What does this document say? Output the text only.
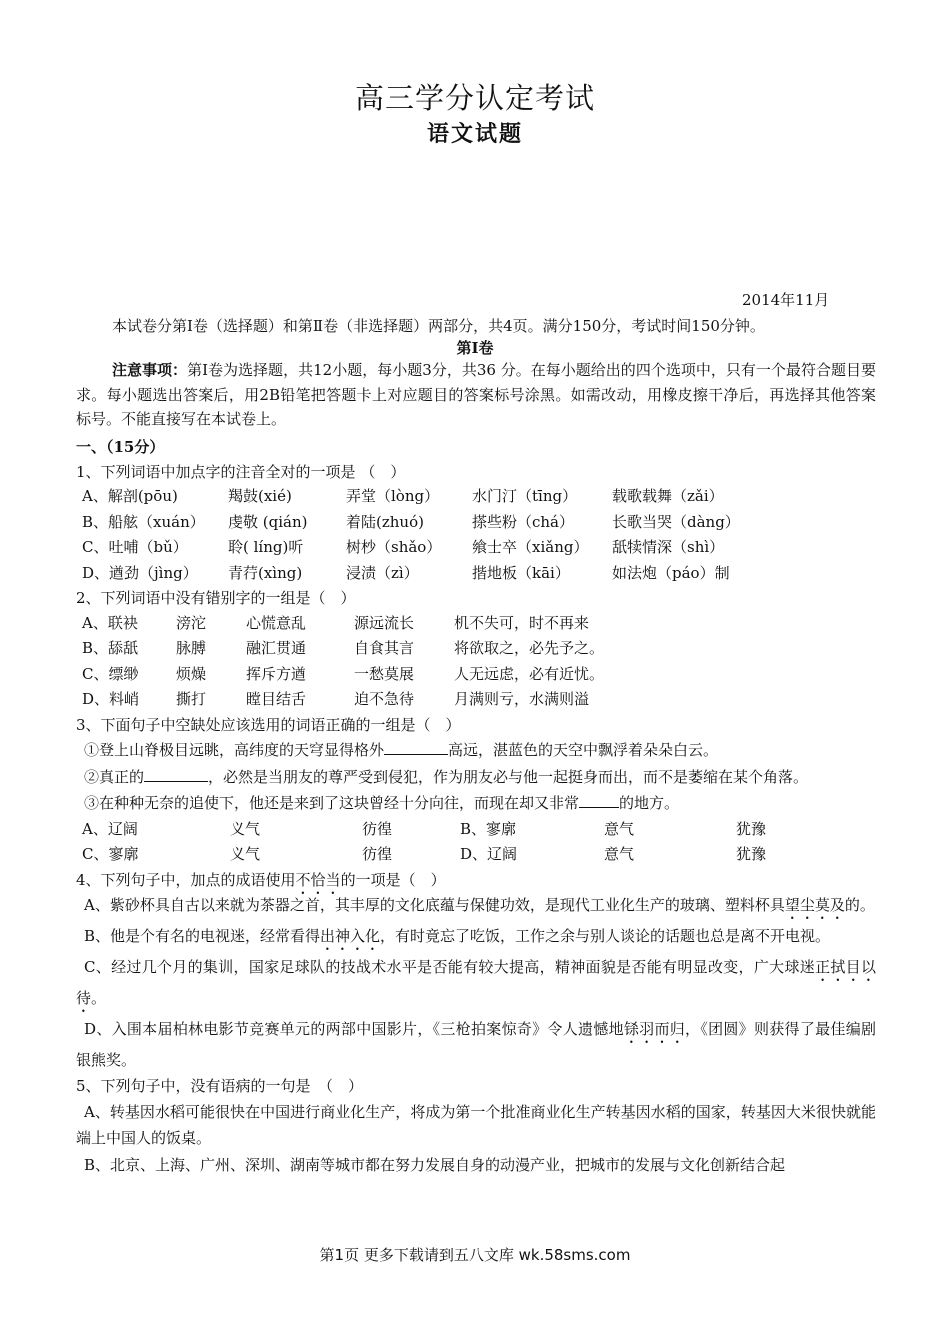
高三学分认定考试
语文试题
2014年11月
本试卷分第Ⅰ卷（选择题）和第Ⅱ卷（非选择题）两部分，共4页。满分150分，考试时间150分钟。
第Ⅰ卷
注意事项：第Ⅰ卷为选择题，共12小题，每小题3分，共36 分。在每小题给出的四个选项中，只有一个最符合题目要求。每小题选出答案后，用2B铅笔把答题卡上对应题目的答案标号涂黑。如需改动，用橡皮擦干净后，再选择其他答案标号。不能直接写在本试卷上。
一、（15分）
1、下列词语中加点字的注音全对的一项是 （　）
A、解剖(pōu)	羯鼓(xié)	弄堂（lòng） 水门汀（tīng） 载歌载舞（zǎi）
B、船舷（xuán） 虔敬 (qián)	着陆(zhuó)	搽些粉（chá）	长歌当哭（dàng）
C、吐哺（bǔ）	聆( líng)听	树杪（shǎo） 飨士卒（xiǎng） 舐犊情深（shì）
D、遒劲（jìng） 青荇(xìng)	浸渍（zì）	揩地板（kāi）	如法炮（páo）制
2、下列词语中没有错别字的一组是（　）
A、联袂	滂沱	心慌意乱	源远流长	机不失可，时不再来
B、舔舐	脉膊	融汇贯通	自食其言	将欲取之，必先予之。
C、缥缈	烦燥	挥斥方遒	一愁莫展	人无远虑，必有近忧。
D、料峭 撕打	瞠目结舌	迫不急待	月满则亏，水满则溢
3、下面句子中空缺处应该选用的词语正确的一组是（　）

①登上山脊极目远眺，高纬度的天穹显得格外	高远，湛蓝色的天空中飘浮着朵朵白云。

②真正的	，必然是当朋友的尊严受到侵犯，作为朋友必与他一起挺身而出，而不是萎缩在某个角落。

③在种种无奈的追使下，他还是来到了这块曾经十分向往，而现在却又非常	的地方。

A、辽阔	义气	彷徨	B、寥廓	意气	犹豫
C、寥廓	义气	彷徨	D、辽阔	意气	犹豫
4、下列句子中，加点的成语使用不恰当的一项是（　）

A、紫砂杯具自古以来就为茶器之首，其丰厚的文化底蕴与保健功效，是现代工业化生产的玻璃、塑料杯具望尘莫及的。

B、他是个有名的电视迷，经常看得出神入化，有时竟忘了吃饭，工作之余与别人谈论的话题也总是离不开电视。

C、经过几个月的集训，国家足球队的技战术水平是否能有较大提高，精神面貌是否能有明显改变，广大球迷正拭目以待。

D、入围本届柏林电影节竞赛单元的两部中国影片，《三枪拍案惊奇》令人遗憾地铩羽而归，《团圆》则获得了最佳编剧银熊奖。

5、下列句子中，没有语病的一句是　（　）

A、转基因水稻可能很快在中国进行商业化生产，将成为第一个批准商业化生产转基因水稻的国家，转基因大米很快就能端上中国人的饭桌。

B、北京、上海、广州、深圳、湖南等城市都在努力发展自身的动漫产业，把城市的发展与文化创新结合起

第1页 更多下载请到五八文库 wk.58sms.com
